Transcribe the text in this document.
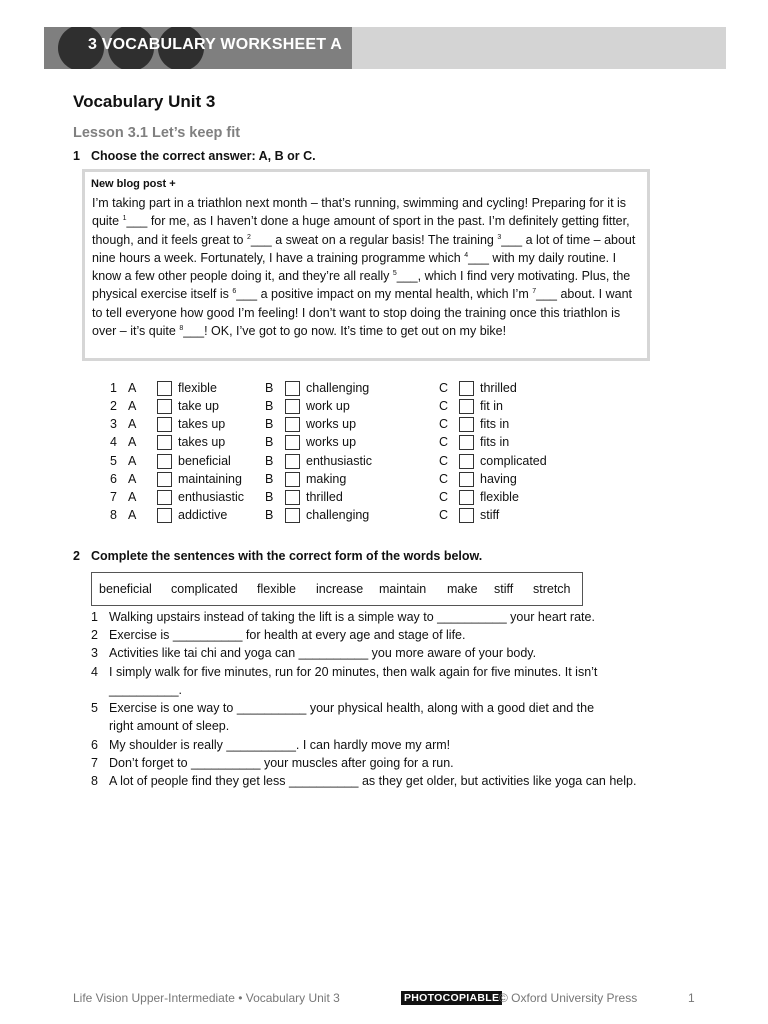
3 VOCABULARY WORKSHEET A
Vocabulary Unit 3
Lesson 3.1 Let’s keep fit
1 Choose the correct answer: A, B or C.
New blog post +
I’m taking part in a triathlon next month – that’s running, swimming and cycling! Preparing for it is quite $^1$___ for me, as I haven’t done a huge amount of sport in the past. I’m definitely getting fitter, though, and it feels great to $^2$___ a sweat on a regular basis! The training $^3$___ a lot of time – about nine hours a week. Fortunately, I have a training programme which $^4$___ with my daily routine. I know a few other people doing it, and they’re all really $^5$___, which I find very motivating. Plus, the physical exercise itself is $^6$___ a positive impact on my mental health, which I’m $^7$___ about. I want to tell everyone how good I’m feeling! I don’t want to stop doing the training once this triathlon is over – it’s quite $^8$___! OK, I’ve got to go now. It’s time to get out on my bike!
1 A	flexible	B	challenging	C	thrilled
2 A	take up	B	work up	C	fit in
3 A	takes up	B	works up	C	fits in
4 A	takes up	B	works up	C	fits in
5 A	beneficial	B	enthusiastic	C	complicated
6 A	maintaining B	making	C	having
7 A	enthusiastic B	thrilled	C	flexible
8 A	addictive	B	challenging	C	stiff
2 Complete the sentences with the correct form of the words below.
beneficial complicated flexible increase maintain make stiff stretch
1 Walking upstairs instead of taking the lift is a simple way to __________ your heart rate.
2 Exercise is __________ for health at every age and stage of life.
3 Activities like tai chi and yoga can __________ you more aware of your body.
4 I simply walk for five minutes, run for 20 minutes, then walk again for five minutes. It isn’t
__________.
5 Exercise is one way to __________ your physical health, along with a good diet and the
right amount of sleep.
6 My shoulder is really __________. I can hardly move my arm!
7 Don’t forget to __________ your muscles after going for a run.
8 A lot of people find they get less __________ as they get older, but activities like yoga can help.
Life Vision Upper-Intermediate • Vocabulary Unit 3	PHOTOCOPIABLE © Oxford University Press	1
